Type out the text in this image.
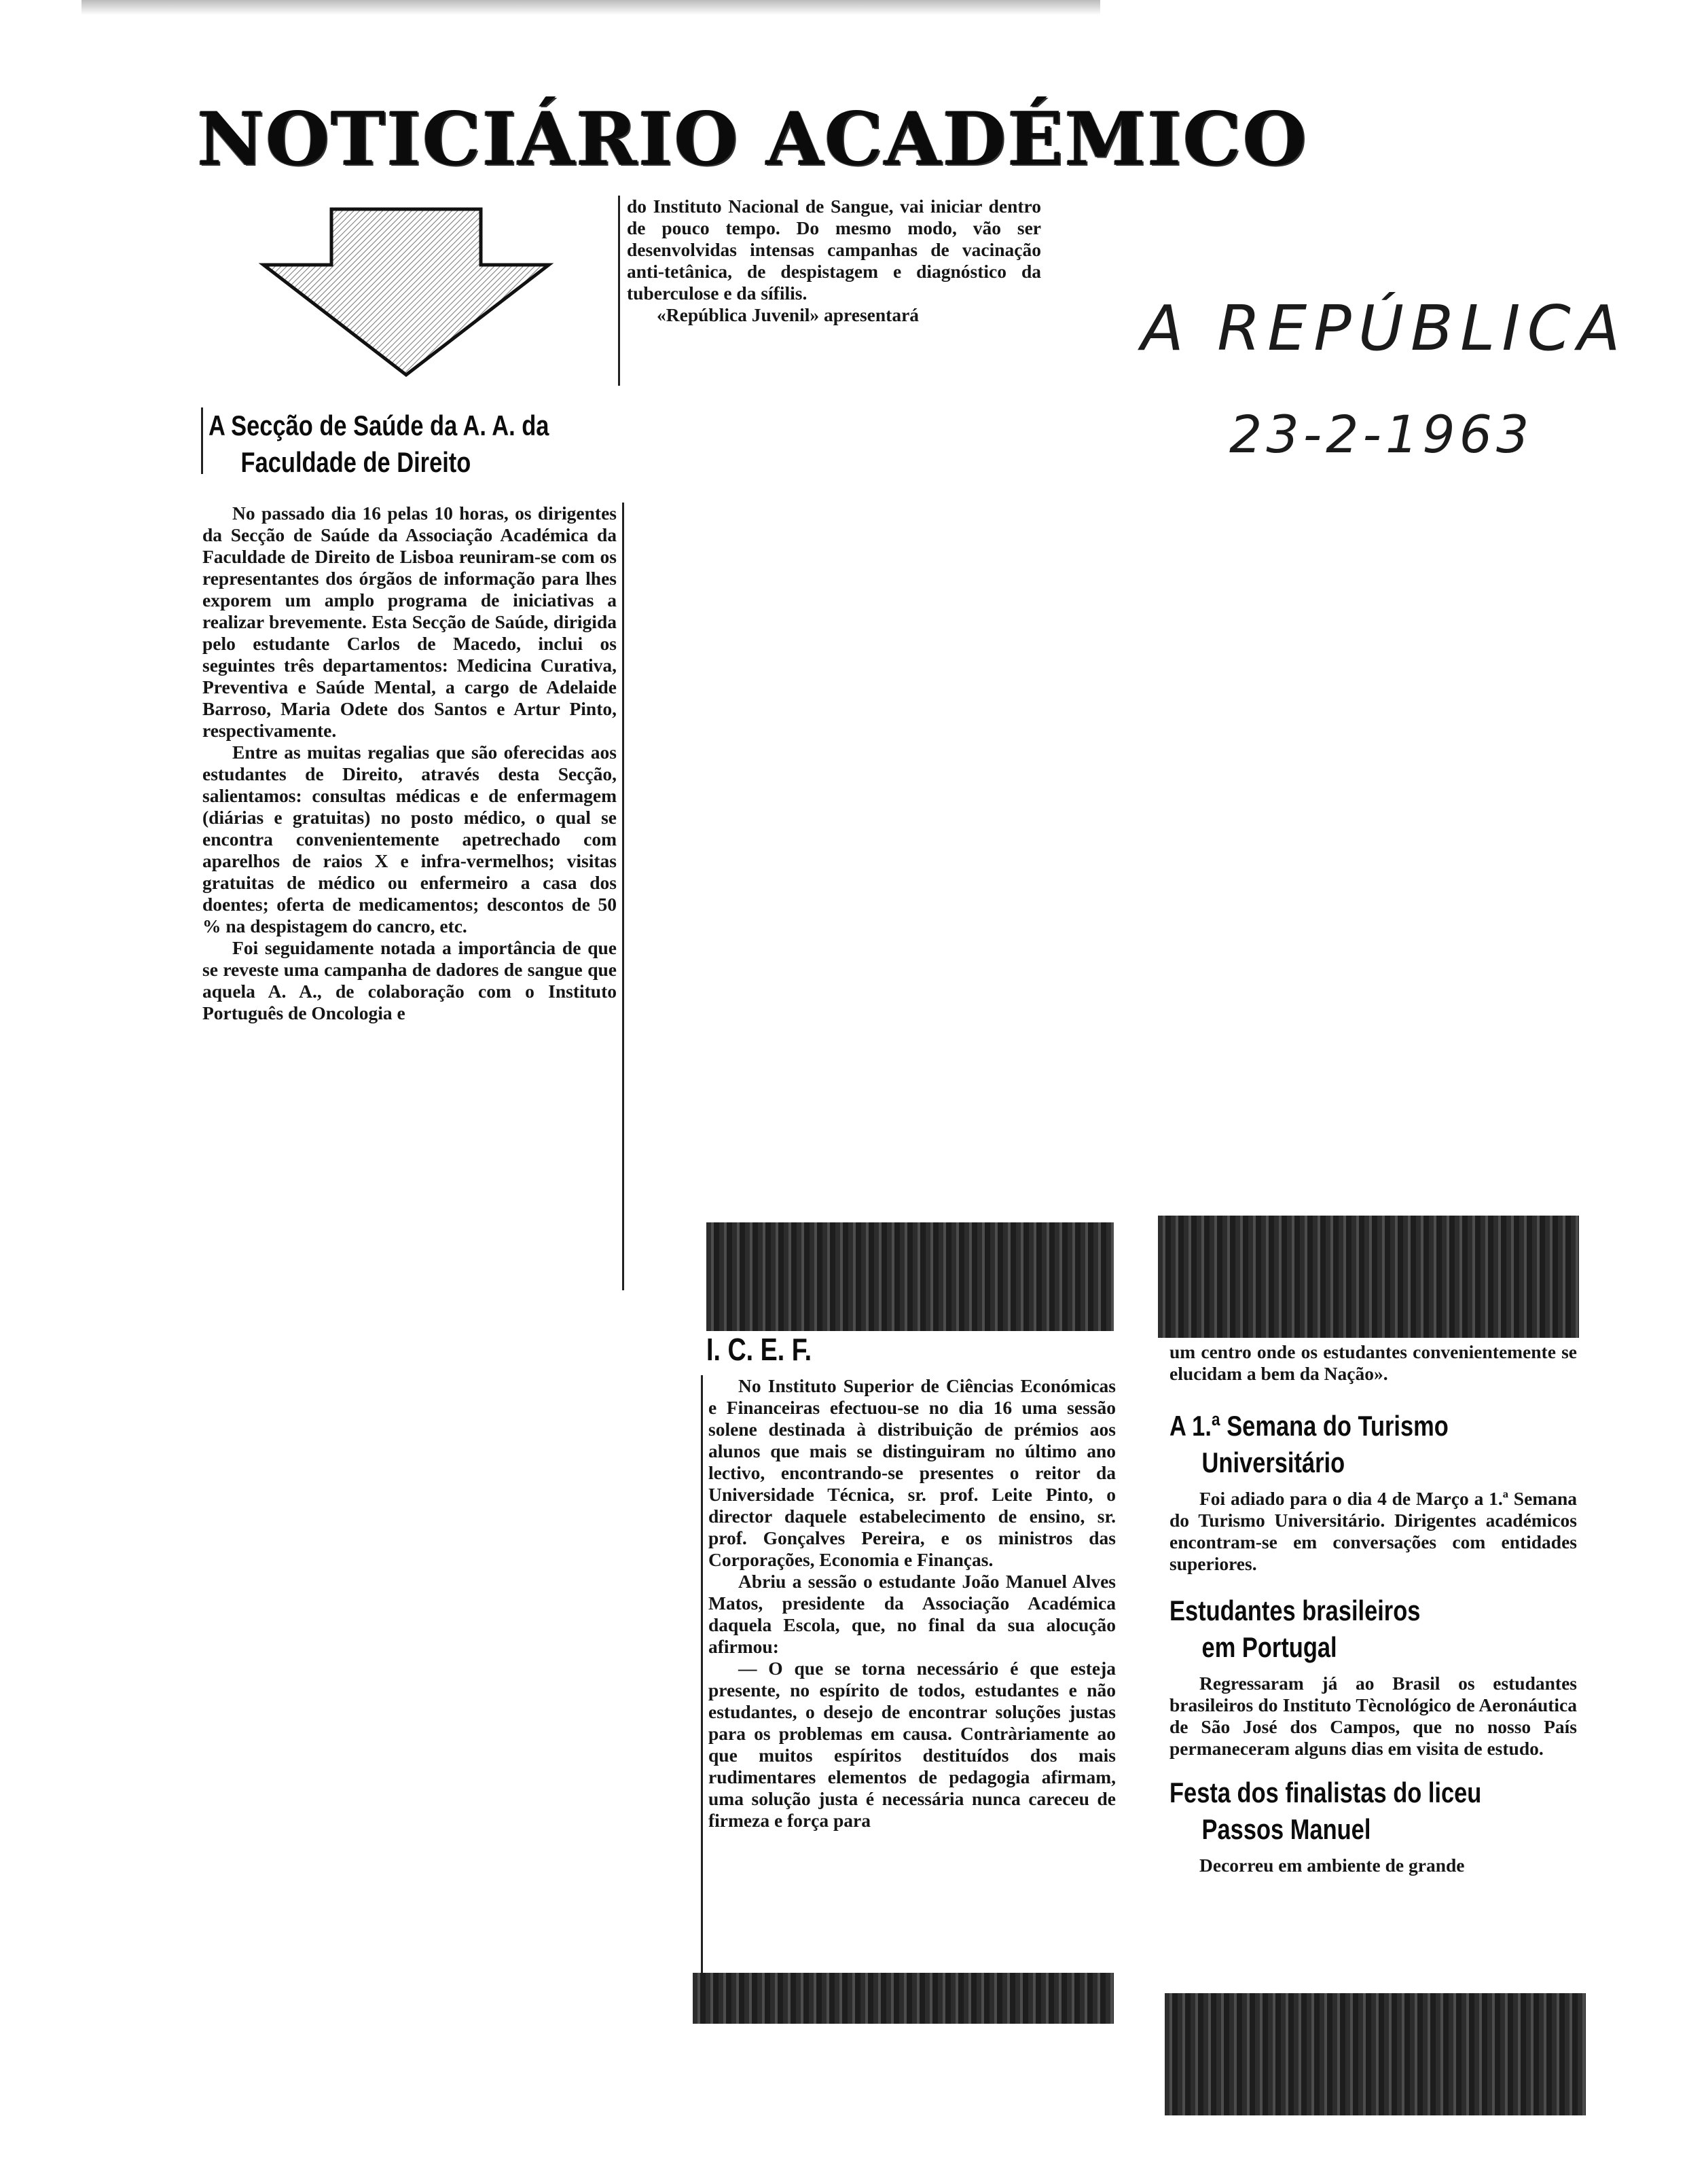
NOTICIÁRIO ACADÉMICO
A REPÚBLICA
23-2-1963
A Secção de Saúde da A. A. da
Faculdade de Direito

No passado dia 16 pelas 10 horas, os dirigentes da Secção de Saúde da Associação Académica da Faculdade de Direito de Lisboa reuniram-se com os representantes dos órgãos de informação para lhes exporem um amplo programa de iniciativas a realizar brevemente. Esta Secção de Saúde, dirigida pelo estudante Carlos de Macedo, inclui os seguintes três departamentos: Medicina Curativa, Preventiva e Saúde Mental, a cargo de Adelaide Barroso, Maria Odete dos Santos e Artur Pinto, respectivamente.

Entre as muitas regalias que são oferecidas aos estudantes de Direito, através desta Secção, salientamos: consultas médicas e de enfermagem (diárias e gratuitas) no posto médico, o qual se encontra convenientemente apetrechado com aparelhos de raios X e infra-vermelhos; visitas gratuitas de médico ou enfermeiro a casa dos doentes; oferta de medicamentos; descontos de 50 % na despistagem do cancro, etc.

Foi seguidamente notada a importância de que se reveste uma campanha de dadores de sangue que aquela A. A., de colaboração com o Instituto Português de Oncologia e

do Instituto Nacional de Sangue, vai iniciar dentro de pouco tempo. Do mesmo modo, vão ser desenvolvidas intensas campanhas de vacinação anti-tetânica, de despistagem e diagnóstico da tuberculose e da sífilis.

«República Juvenil» apresentará

I. C. E. F.

No Instituto Superior de Ciências Económicas e Financeiras efectuou-se no dia 16 uma sessão solene destinada à distribuição de prémios aos alunos que mais se distinguiram no último ano lectivo, encontrando-se presentes o reitor da Universidade Técnica, sr. prof. Leite Pinto, o director daquele estabelecimento de ensino, sr. prof. Gonçalves Pereira, e os ministros das Corporações, Economia e Finanças.

Abriu a sessão o estudante João Manuel Alves Matos, presidente da Associação Académica daquela Escola, que, no final da sua alocução afirmou:

— O que se torna necessário é que esteja presente, no espírito de todos, estudantes e não estudantes, o desejo de encontrar soluções justas para os problemas em causa. Contràriamente ao que muitos espíritos destituídos dos mais rudimentares elementos de pedagogia afirmam, uma solução justa é necessária nunca careceu de firmeza e força para

um centro onde os estudantes convenientemente se elucidam a bem da Nação».

A 1.ª Semana do Turismo
Universitário

Foi adiado para o dia 4 de Março a 1.ª Semana do Turismo Universitário. Dirigentes académicos encontram-se em conversações com entidades superiores.

Estudantes brasileiros
em Portugal

Regressaram já ao Brasil os estudantes brasileiros do Instituto Tècnológico de Aeronáutica de São José dos Campos, que no nosso País permaneceram alguns dias em visita de estudo.

Festa dos finalistas do liceu
Passos Manuel

Decorreu em ambiente de grande
